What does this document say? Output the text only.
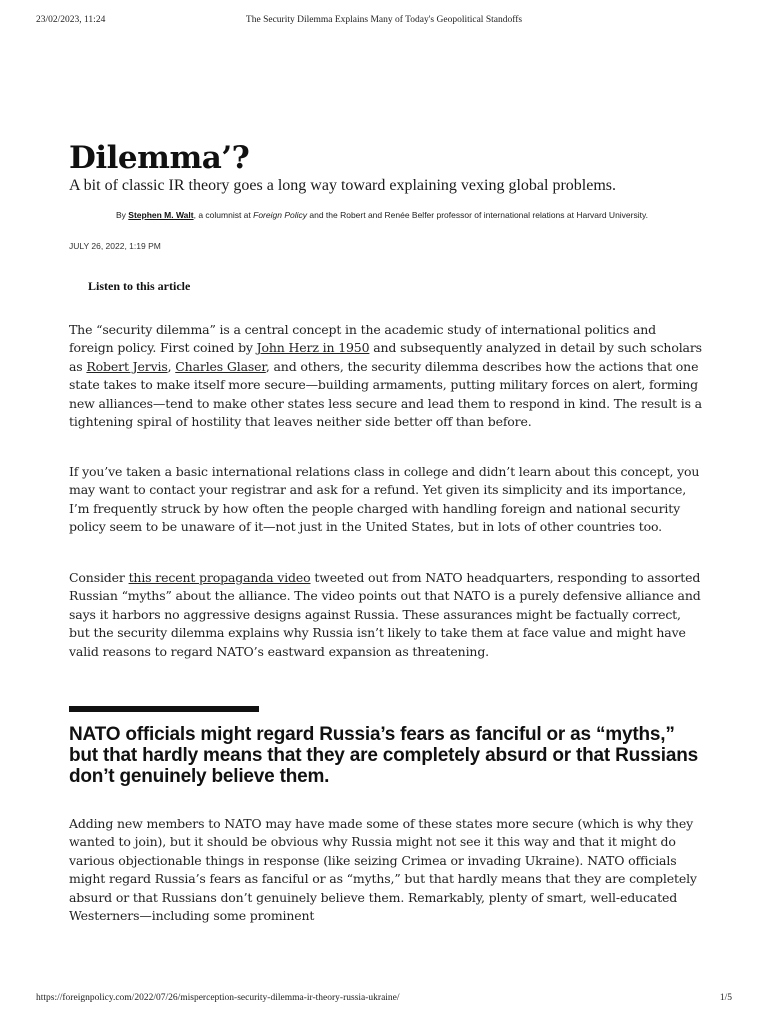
23/02/2023, 11:24	The Security Dilemma Explains Many of Today's Geopolitical Standoffs
Dilemma’?

A bit of classic IR theory goes a long way toward explaining vexing global problems.

By Stephen M. Walt, a columnist at Foreign Policy and the Robert and Renée Belfer professor of international relations at Harvard University.
JULY 26, 2022, 1:19 PM
Listen to this article

The “security dilemma” is a central concept in the academic study of international politics and foreign policy. First coined by John Herz in 1950 and subsequently analyzed in detail by such scholars as Robert Jervis, Charles Glaser, and others, the security dilemma describes how the actions that one state takes to make itself more secure—building armaments, putting military forces on alert, forming new alliances—tend to make other states less secure and lead them to respond in kind. The result is a tightening spiral of hostility that leaves neither side better off than before.

If you’ve taken a basic international relations class in college and didn’t learn about this concept, you may want to contact your registrar and ask for a refund. Yet given its simplicity and its importance, I’m frequently struck by how often the people charged with handling foreign and national security policy seem to be unaware of it—not just in the United States, but in lots of other countries too.

Consider this recent propaganda video tweeted out from NATO headquarters, responding to assorted Russian “myths” about the alliance. The video points out that NATO is a purely defensive alliance and says it harbors no aggressive designs against Russia. These assurances might be factually correct, but the security dilemma explains why Russia isn’t likely to take them at face value and might have valid reasons to regard NATO’s eastward expansion as threatening.

NATO officials might regard Russia’s fears as fanciful or as “myths,” but that hardly means that they are completely absurd or that Russians don’t genuinely believe them.

Adding new members to NATO may have made some of these states more secure (which is why they wanted to join), but it should be obvious why Russia might not see it this way and that it might do various objectionable things in response (like seizing Crimea or invading Ukraine). NATO officials might regard Russia’s fears as fanciful or as “myths,” but that hardly means that they are completely absurd or that Russians don’t genuinely believe them. Remarkably, plenty of smart, well-educated Westerners—including some prominent

https://foreignpolicy.com/2022/07/26/misperception-security-dilemma-ir-theory-russia-ukraine/	1/5
